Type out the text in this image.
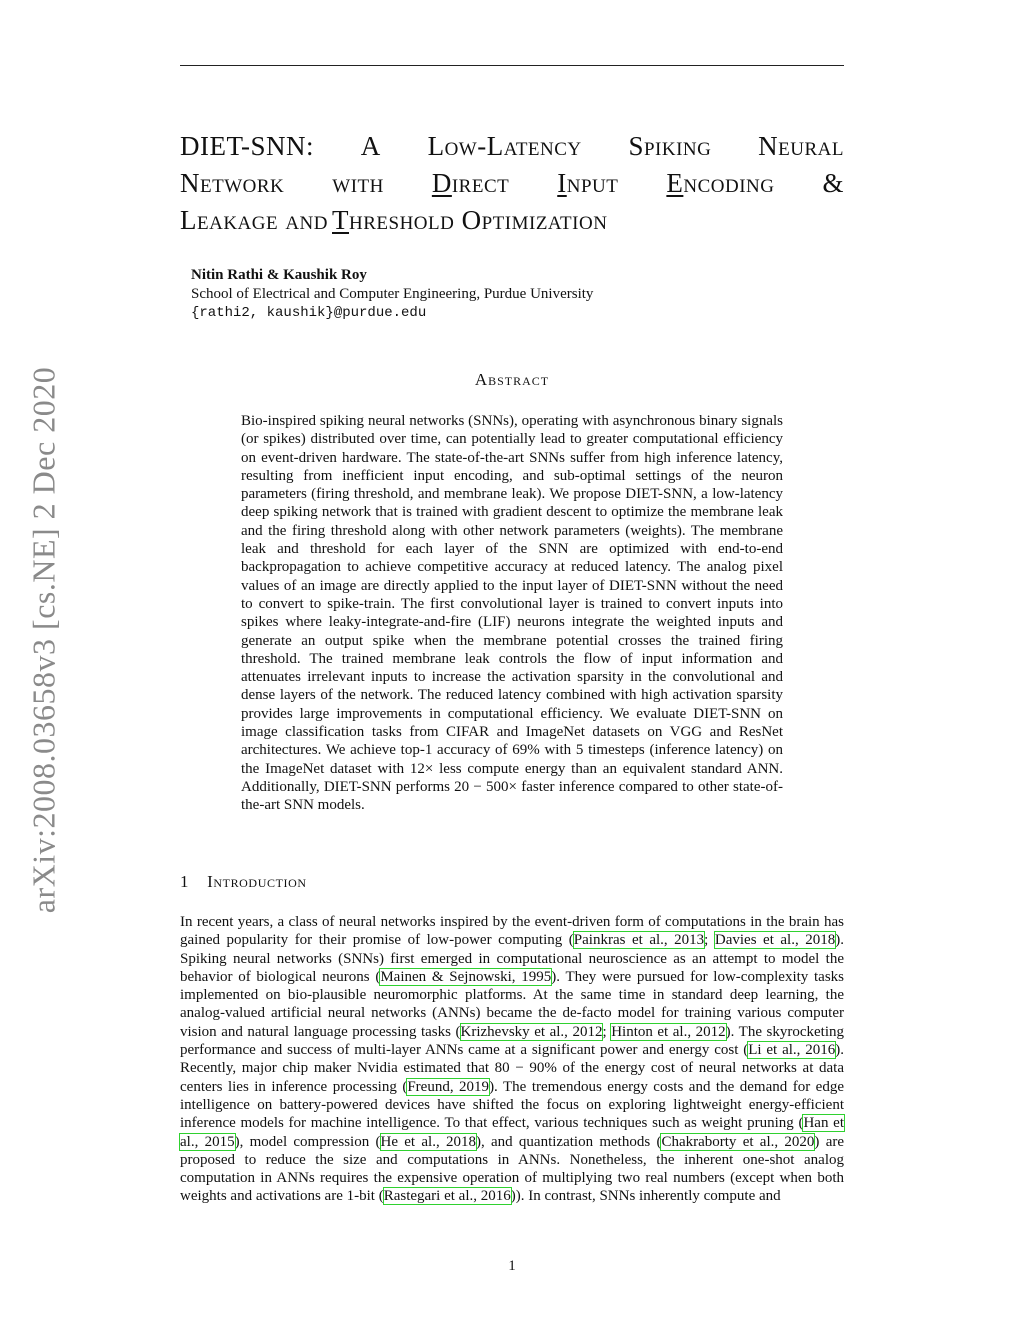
arXiv:2008.03658v3 [cs.NE] 2 Dec 2020
DIET-SNN: A Low-Latency Spiking Neural
Network with Direct Input Encoding &
Leakage and Threshold Optimization
Nitin Rathi & Kaushik Roy
School of Electrical and Computer Engineering, Purdue University
{rathi2, kaushik}@purdue.edu
Abstract

Bio-inspired spiking neural networks (SNNs), operating with asynchronous binary signals (or spikes) distributed over time, can potentially lead to greater computational efficiency on event-driven hardware. The state-of-the-art SNNs suffer from high inference latency, resulting from inefficient input encoding, and sub-optimal settings of the neuron parameters (firing threshold, and membrane leak). We propose DIET-SNN, a low-latency deep spiking network that is trained with gradient descent to optimize the membrane leak and the firing threshold along with other network parameters (weights). The membrane leak and threshold for each layer of the SNN are optimized with end-to-end backpropagation to achieve competitive accuracy at reduced latency. The analog pixel values of an image are directly applied to the input layer of DIET-SNN without the need to convert to spike-train. The first convolutional layer is trained to convert inputs into spikes where leaky-integrate-and-fire (LIF) neurons integrate the weighted inputs and generate an output spike when the membrane potential crosses the trained firing threshold. The trained membrane leak controls the flow of input information and attenuates irrelevant inputs to increase the activation sparsity in the convolutional and dense layers of the network. The reduced latency combined with high activation sparsity provides large improvements in computational efficiency. We evaluate DIET-SNN on image classification tasks from CIFAR and ImageNet datasets on VGG and ResNet architectures. We achieve top-1 accuracy of 69% with 5 timesteps (inference latency) on the ImageNet dataset with 12× less compute energy than an equivalent standard ANN. Additionally, DIET-SNN performs 20 − 500× faster inference compared to other state-of-the-art SNN models.

1 Introduction

In recent years, a class of neural networks inspired by the event-driven form of computations in the brain has gained popularity for their promise of low-power computing (Painkras et al., 2013; Davies et al., 2018). Spiking neural networks (SNNs) first emerged in computational neuroscience as an attempt to model the behavior of biological neurons (Mainen & Sejnowski, 1995). They were pursued for low-complexity tasks implemented on bio-plausible neuromorphic platforms. At the same time in standard deep learning, the analog-valued artificial neural networks (ANNs) became the de-facto model for training various computer vision and natural language processing tasks (Krizhevsky et al., 2012; Hinton et al., 2012). The skyrocketing performance and success of multi-layer ANNs came at a significant power and energy cost (Li et al., 2016). Recently, major chip maker Nvidia estimated that 80 − 90% of the energy cost of neural networks at data centers lies in inference processing (Freund, 2019). The tremendous energy costs and the demand for edge intelligence on battery-powered devices have shifted the focus on exploring lightweight energy-efficient inference models for machine intelligence. To that effect, various techniques such as weight pruning (Han et al., 2015), model compression (He et al., 2018), and quantization methods (Chakraborty et al., 2020) are proposed to reduce the size and computations in ANNs. Nonetheless, the inherent one-shot analog computation in ANNs requires the expensive operation of multiplying two real numbers (except when both weights and activations are 1-bit (Rastegari et al., 2016)). In contrast, SNNs inherently compute and

1
